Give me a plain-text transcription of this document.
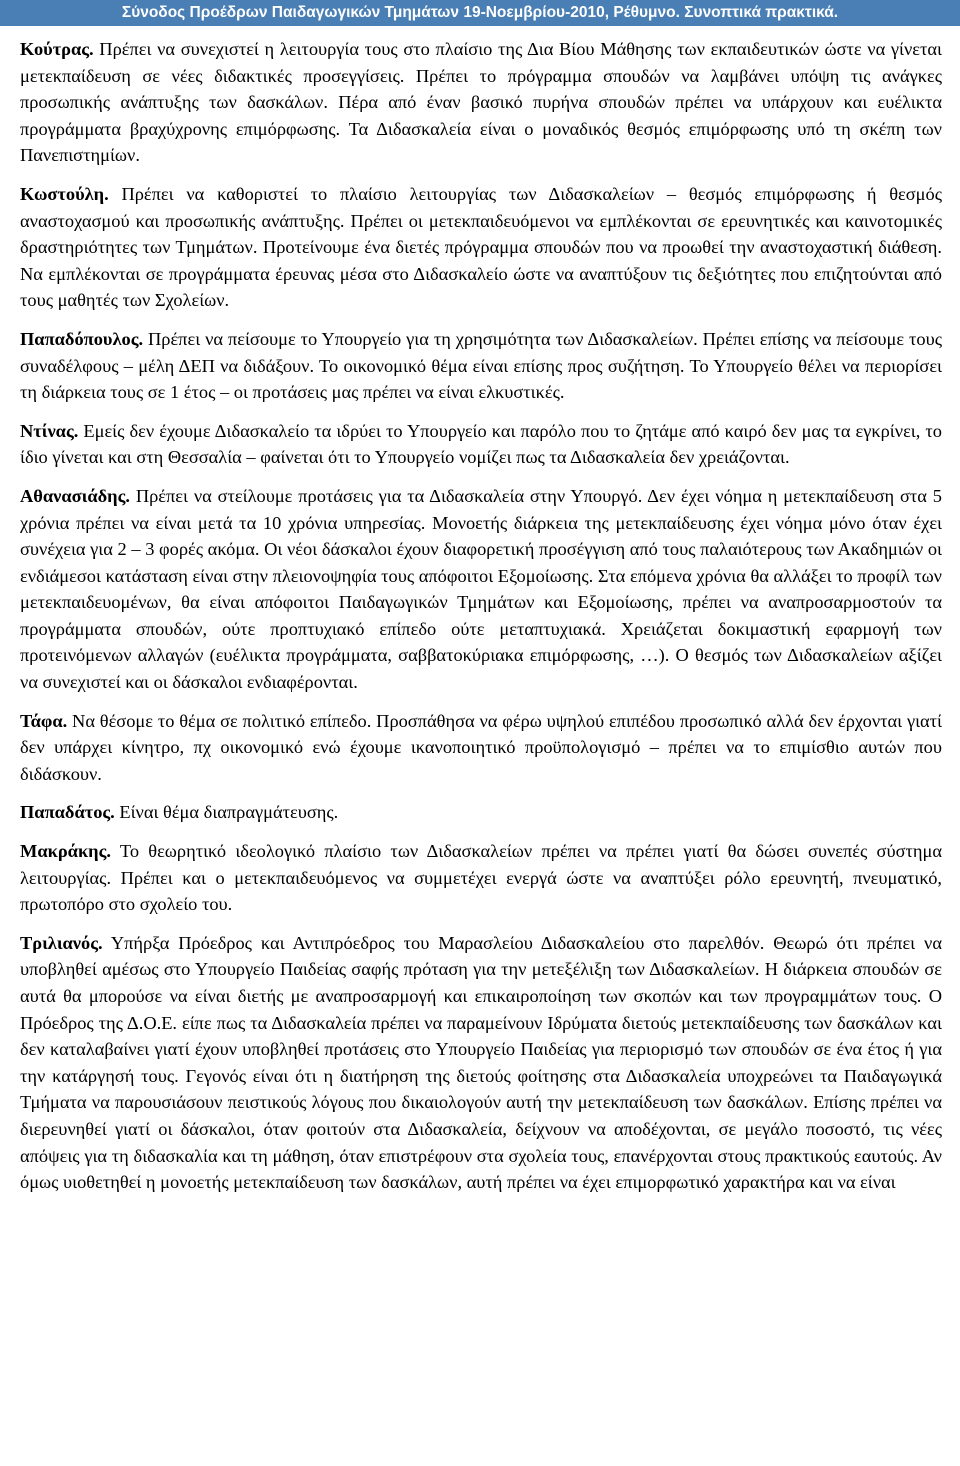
Σύνοδος Προέδρων Παιδαγωγικών Τμημάτων 19-Νοεμβρίου-2010, Ρέθυμνο. Συνοπτικά πρακτικά.

Κούτρας. Πρέπει να συνεχιστεί η λειτουργία τους στο πλαίσιο της Δια Βίου Μάθησης των εκπαιδευτικών ώστε να γίνεται μετεκπαίδευση σε νέες διδακτικές προσεγγίσεις. Πρέπει το πρόγραμμα σπουδών να λαμβάνει υπόψη τις ανάγκες προσωπικής ανάπτυξης των δασκάλων. Πέρα από έναν βασικό πυρήνα σπουδών πρέπει να υπάρχουν και ευέλικτα προγράμματα βραχύχρονης επιμόρφωσης. Τα Διδασκαλεία είναι ο μοναδικός θεσμός επιμόρφωσης υπό τη σκέπη των Πανεπιστημίων.

Κωστούλη. Πρέπει να καθοριστεί το πλαίσιο λειτουργίας των Διδασκαλείων – θεσμός επιμόρφωσης ή θεσμός αναστοχασμού και προσωπικής ανάπτυξης. Πρέπει οι μετεκπαιδευόμενοι να εμπλέκονται σε ερευνητικές και καινοτομικές δραστηριότητες των Τμημάτων. Προτείνουμε ένα διετές πρόγραμμα σπουδών που να προωθεί την αναστοχαστική διάθεση. Να εμπλέκονται σε προγράμματα έρευνας μέσα στο Διδασκαλείο ώστε να αναπτύξουν τις δεξιότητες που επιζητούνται από τους μαθητές των Σχολείων.

Παπαδόπουλος. Πρέπει να πείσουμε το Υπουργείο για τη χρησιμότητα των Διδασκαλείων. Πρέπει επίσης να πείσουμε τους συναδέλφους – μέλη ΔΕΠ να διδάξουν. Το οικονομικό θέμα είναι επίσης προς συζήτηση. Το Υπουργείο θέλει να περιορίσει τη διάρκεια τους σε 1 έτος – οι προτάσεις μας πρέπει να είναι ελκυστικές.

Ντίνας. Εμείς δεν έχουμε Διδασκαλείο τα ιδρύει το Υπουργείο και παρόλο που το ζητάμε από καιρό δεν μας τα εγκρίνει, το ίδιο γίνεται και στη Θεσσαλία – φαίνεται ότι το Υπουργείο νομίζει πως τα Διδασκαλεία δεν χρειάζονται.

Αθανασιάδης. Πρέπει να στείλουμε προτάσεις για τα Διδασκαλεία στην Υπουργό. Δεν έχει νόημα η μετεκπαίδευση στα 5 χρόνια πρέπει να είναι μετά τα 10 χρόνια υπηρεσίας. Μονοετής διάρκεια της μετεκπαίδευσης έχει νόημα μόνο όταν έχει συνέχεια για 2 – 3 φορές ακόμα. Οι νέοι δάσκαλοι έχουν διαφορετική προσέγγιση από τους παλαιότερους των Ακαδημιών οι ενδιάμεσοι κατάσταση είναι στην πλειονοψηφία τους απόφοιτοι Εξομοίωσης. Στα επόμενα χρόνια θα αλλάξει το προφίλ των μετεκπαιδευομένων, θα είναι απόφοιτοι Παιδαγωγικών Τμημάτων και Εξομοίωσης, πρέπει να αναπροσαρμοστούν τα προγράμματα σπουδών, ούτε προπτυχιακό επίπεδο ούτε μεταπτυχιακά. Χρειάζεται δοκιμαστική εφαρμογή των προτεινόμενων αλλαγών (ευέλικτα προγράμματα, σαββατοκύριακα επιμόρφωσης, …). Ο θεσμός των Διδασκαλείων αξίζει να συνεχιστεί και οι δάσκαλοι ενδιαφέρονται.

Τάφα. Να θέσομε το θέμα σε πολιτικό επίπεδο. Προσπάθησα να φέρω υψηλού επιπέδου προσωπικό αλλά δεν έρχονται γιατί δεν υπάρχει κίνητρο, πχ οικονομικό ενώ έχουμε ικανοποιητικό προϋπολογισμό – πρέπει να το επιμίσθιο αυτών που διδάσκουν.

Παπαδάτος. Είναι θέμα διαπραγμάτευσης.

Μακράκης. Το θεωρητικό ιδεολογικό πλαίσιο των Διδασκαλείων πρέπει να πρέπει γιατί θα δώσει συνεπές σύστημα λειτουργίας. Πρέπει και ο μετεκπαιδευόμενος να συμμετέχει ενεργά ώστε να αναπτύξει ρόλο ερευνητή, πνευματικό, πρωτοπόρο στο σχολείο του.

Τριλιανός. Υπήρξα Πρόεδρος και Αντιπρόεδρος του Μαρασλείου Διδασκαλείου στο παρελθόν. Θεωρώ ότι πρέπει να υποβληθεί αμέσως στο Υπουργείο Παιδείας σαφής πρόταση για την μετεξέλιξη των Διδασκαλείων. Η διάρκεια σπουδών σε αυτά θα μπορούσε να είναι διετής με αναπροσαρμογή και επικαιροποίηση των σκοπών και των προγραμμάτων τους. Ο Πρόεδρος της Δ.Ο.Ε. είπε πως τα Διδασκαλεία πρέπει να παραμείνουν Ιδρύματα διετούς μετεκπαίδευσης των δασκάλων και δεν καταλαβαίνει γιατί έχουν υποβληθεί προτάσεις στο Υπουργείο Παιδείας για περιορισμό των σπουδών σε ένα έτος ή για την κατάργησή τους. Γεγονός είναι ότι η διατήρηση της διετούς φοίτησης στα Διδασκαλεία υποχρεώνει τα Παιδαγωγικά Τμήματα να παρουσιάσουν πειστικούς λόγους που δικαιολογούν αυτή την μετεκπαίδευση των δασκάλων. Επίσης πρέπει να διερευνηθεί γιατί οι δάσκαλοι, όταν φοιτούν στα Διδασκαλεία, δείχνουν να αποδέχονται, σε μεγάλο ποσοστό, τις νέες απόψεις για τη διδασκαλία και τη μάθηση, όταν επιστρέφουν στα σχολεία τους, επανέρχονται στους πρακτικούς εαυτούς. Αν όμως υιοθετηθεί η μονοετής μετεκπαίδευση των δασκάλων, αυτή πρέπει να έχει επιμορφωτικό χαρακτήρα και να είναι
